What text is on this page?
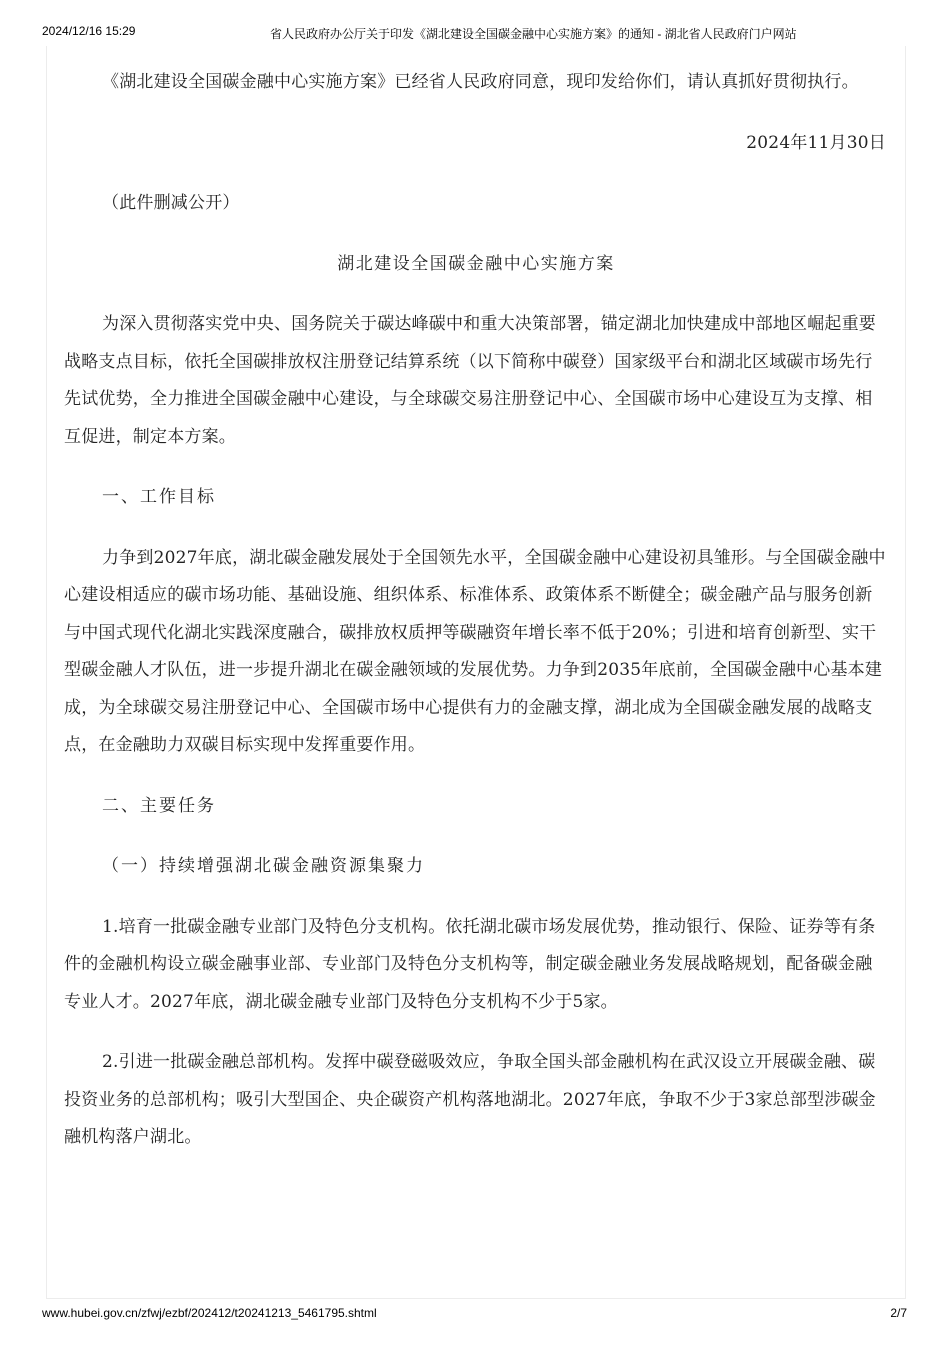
2024/12/16 15:29	省人民政府办公厅关于印发《湖北建设全国碳金融中心实施方案》的通知 - 湖北省人民政府门户网站

《湖北建设全国碳金融中心实施方案》已经省人民政府同意，现印发给你们，请认真抓好贯彻执行。

2024年11月30日

（此件删减公开）

湖北建设全国碳金融中心实施方案

为深入贯彻落实党中央、国务院关于碳达峰碳中和重大决策部署，锚定湖北加快建成中部地区崛起重要战略支点目标，依托全国碳排放权注册登记结算系统（以下简称中碳登）国家级平台和湖北区域碳市场先行先试优势，全力推进全国碳金融中心建设，与全球碳交易注册登记中心、全国碳市场中心建设互为支撑、相互促进，制定本方案。

一、工作目标

力争到2027年底，湖北碳金融发展处于全国领先水平，全国碳金融中心建设初具雏形。与全国碳金融中心建设相适应的碳市场功能、基础设施、组织体系、标准体系、政策体系不断健全；碳金融产品与服务创新与中国式现代化湖北实践深度融合，碳排放权质押等碳融资年增长率不低于20%；引进和培育创新型、实干型碳金融人才队伍，进一步提升湖北在碳金融领域的发展优势。力争到2035年底前，全国碳金融中心基本建成，为全球碳交易注册登记中心、全国碳市场中心提供有力的金融支撑，湖北成为全国碳金融发展的战略支点，在金融助力双碳目标实现中发挥重要作用。

二、主要任务

（一）持续增强湖北碳金融资源集聚力

1.培育一批碳金融专业部门及特色分支机构。依托湖北碳市场发展优势，推动银行、保险、证券等有条件的金融机构设立碳金融事业部、专业部门及特色分支机构等，制定碳金融业务发展战略规划，配备碳金融专业人才。2027年底，湖北碳金融专业部门及特色分支机构不少于5家。

2.引进一批碳金融总部机构。发挥中碳登磁吸效应，争取全国头部金融机构在武汉设立开展碳金融、碳投资业务的总部机构；吸引大型国企、央企碳资产机构落地湖北。2027年底，争取不少于3家总部型涉碳金融机构落户湖北。

www.hubei.gov.cn/zfwj/ezbf/202412/t20241213_5461795.shtml	2/7
